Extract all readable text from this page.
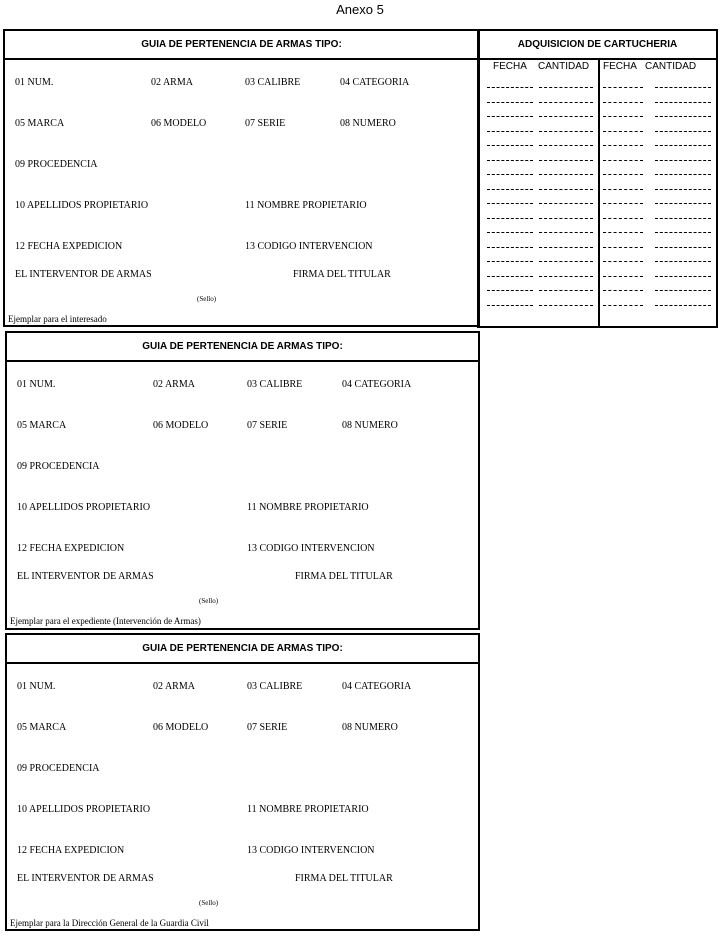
Anexo 5
ADQUISICION DE CARTUCHERIA
FECHA CANTIDAD FECHA CANTIDAD
GUIA DE PERTENENCIA DE ARMAS TIPO:
01 NUM.	02 ARMA	03 CALIBRE	04 CATEGORIA
05 MARCA	06 MODELO	07 SERIE	08 NUMERO
09 PROCEDENCIA
10 APELLIDOS PROPIETARIO	11 NOMBRE PROPIETARIO
12 FECHA EXPEDICION	13 CODIGO INTERVENCION
EL INTERVENTOR DE ARMAS	FIRMA DEL TITULAR
(Sello)
Ejemplar para el interesado
GUIA DE PERTENENCIA DE ARMAS TIPO:
01 NUM.	02 ARMA	03 CALIBRE	04 CATEGORIA
05 MARCA	06 MODELO	07 SERIE	08 NUMERO
09 PROCEDENCIA
10 APELLIDOS PROPIETARIO	11 NOMBRE PROPIETARIO
12 FECHA EXPEDICION	13 CODIGO INTERVENCION
EL INTERVENTOR DE ARMAS	FIRMA DEL TITULAR
(Sello)
Ejemplar para el expediente (Intervención de Armas)
GUIA DE PERTENENCIA DE ARMAS TIPO:
01 NUM.	02 ARMA	03 CALIBRE	04 CATEGORIA
05 MARCA	06 MODELO	07 SERIE	08 NUMERO
09 PROCEDENCIA
10 APELLIDOS PROPIETARIO	11 NOMBRE PROPIETARIO
12 FECHA EXPEDICION	13 CODIGO INTERVENCION
EL INTERVENTOR DE ARMAS	FIRMA DEL TITULAR
(Sello)
Ejemplar para la Dirección General de la Guardia Civil
